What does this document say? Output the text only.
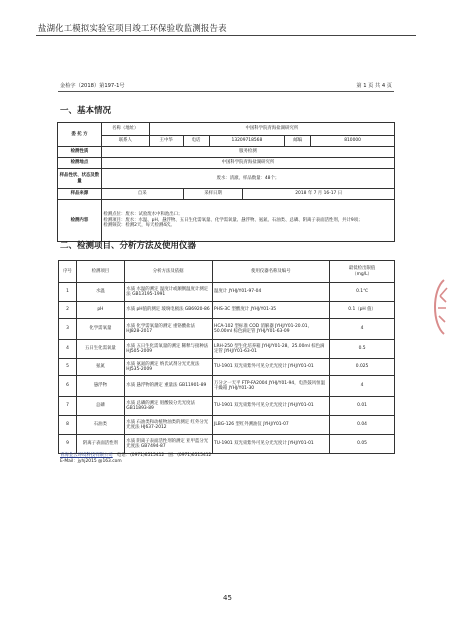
盐湖化工模拟实验室项目竣工环保验收监测报告表
金检字（2018）第197-1号	第 1 页 共 4 页
一、基本情况
委 托 方	名称（地址）	中国科学院青海盐湖研究所					
	联系人	王中华	电话	13209718568		邮编	810000
检测性质	服务检测						
检测地点	中国科学院青海盐湖研究所						
样品性状、状态及数量	废水：清澈、样品数量：48个；						
样品来源	自采		采样日期		2018 年 7 月 16-17 日		
检测内容	检测点位：废水：试验废水中和池出口；
检测项目：废水：水温、pH、悬浮物、五日生化需氧量、化学需氧量、悬浮物、氨氮、石油类、总磷、阴离子表面活性剂，共计9项；
检测频次：检测2天，每天检测4次。						
二、检测项目、分析方法及使用仪器
序号	检测项目	分析方法及依据	使用仪器名称及编号	最低检出限值
（mg/L）

1	水温	水质 水温的测定 温度计或颠倒温度计测定法 GB13195-1991	温度计 JYHJ/Y01-97-04	0.1℃
2	pH	水质 pH值的测定 玻璃电极法 GB6920-86	PHS-3C 型酸度计 JYHJ/Y01-35	0.1（pH 值）
3	化学需氧量	水质 化学需氧量的测定 重铬酸盐法 HJ828-2017	HCA-102 型标准 COD 消解器 JYHJ/Y01-20.01，50.00ml 棕色滴定管 JYHJ/Y01-63-09	4
4	五日生化需氧量	水质 五日生化需氧量的测定 稀释与接种法 HJ505-2009	LRH-250 型生化培养箱 JYHJ/Y01-28，25.00ml 棕色滴定管 JYHJ/Y01-63-01	0.5
5	氨氮	水质 氨氮的测定 纳氏试剂分光光度法 HJ535-2009	TU-1901 双光束紫外可见分光光度计 JYHJ/Y01-01	0.025
6	悬浮物	水质 悬浮物的测定 重量法 GB11901-89	万分之一天平 FTP-FA2004 JYHJ/Y01-94，电热鼓风恒温干燥箱 JYHJ/Y01-30	4
7	总磷	水质 总磷的测定 钼酸铵分光光度法 GB11893-89	TU-1901 双光束紫外可见分光光度计 JYHJ/Y01-01	0.01
8	石油类	水质 石油类和动植物油类的测定 红外分光光度法 HJ637-2012	JLBG-126 型红外测油仪 JYHJ/Y01-07	0.04
9	阴离子表面活性剂	水质 阴离子表面活性剂的测定 亚甲蓝分光光度法 GB7494-87	TU-1901 双光束紫外可见分光光度计 JYHJ/Y01-01	0.05
青海金云环境科技有限公司 电话：(0971)6515412 国：(0971)6515412
E-Mail：jyhj2015 @163.com
45
